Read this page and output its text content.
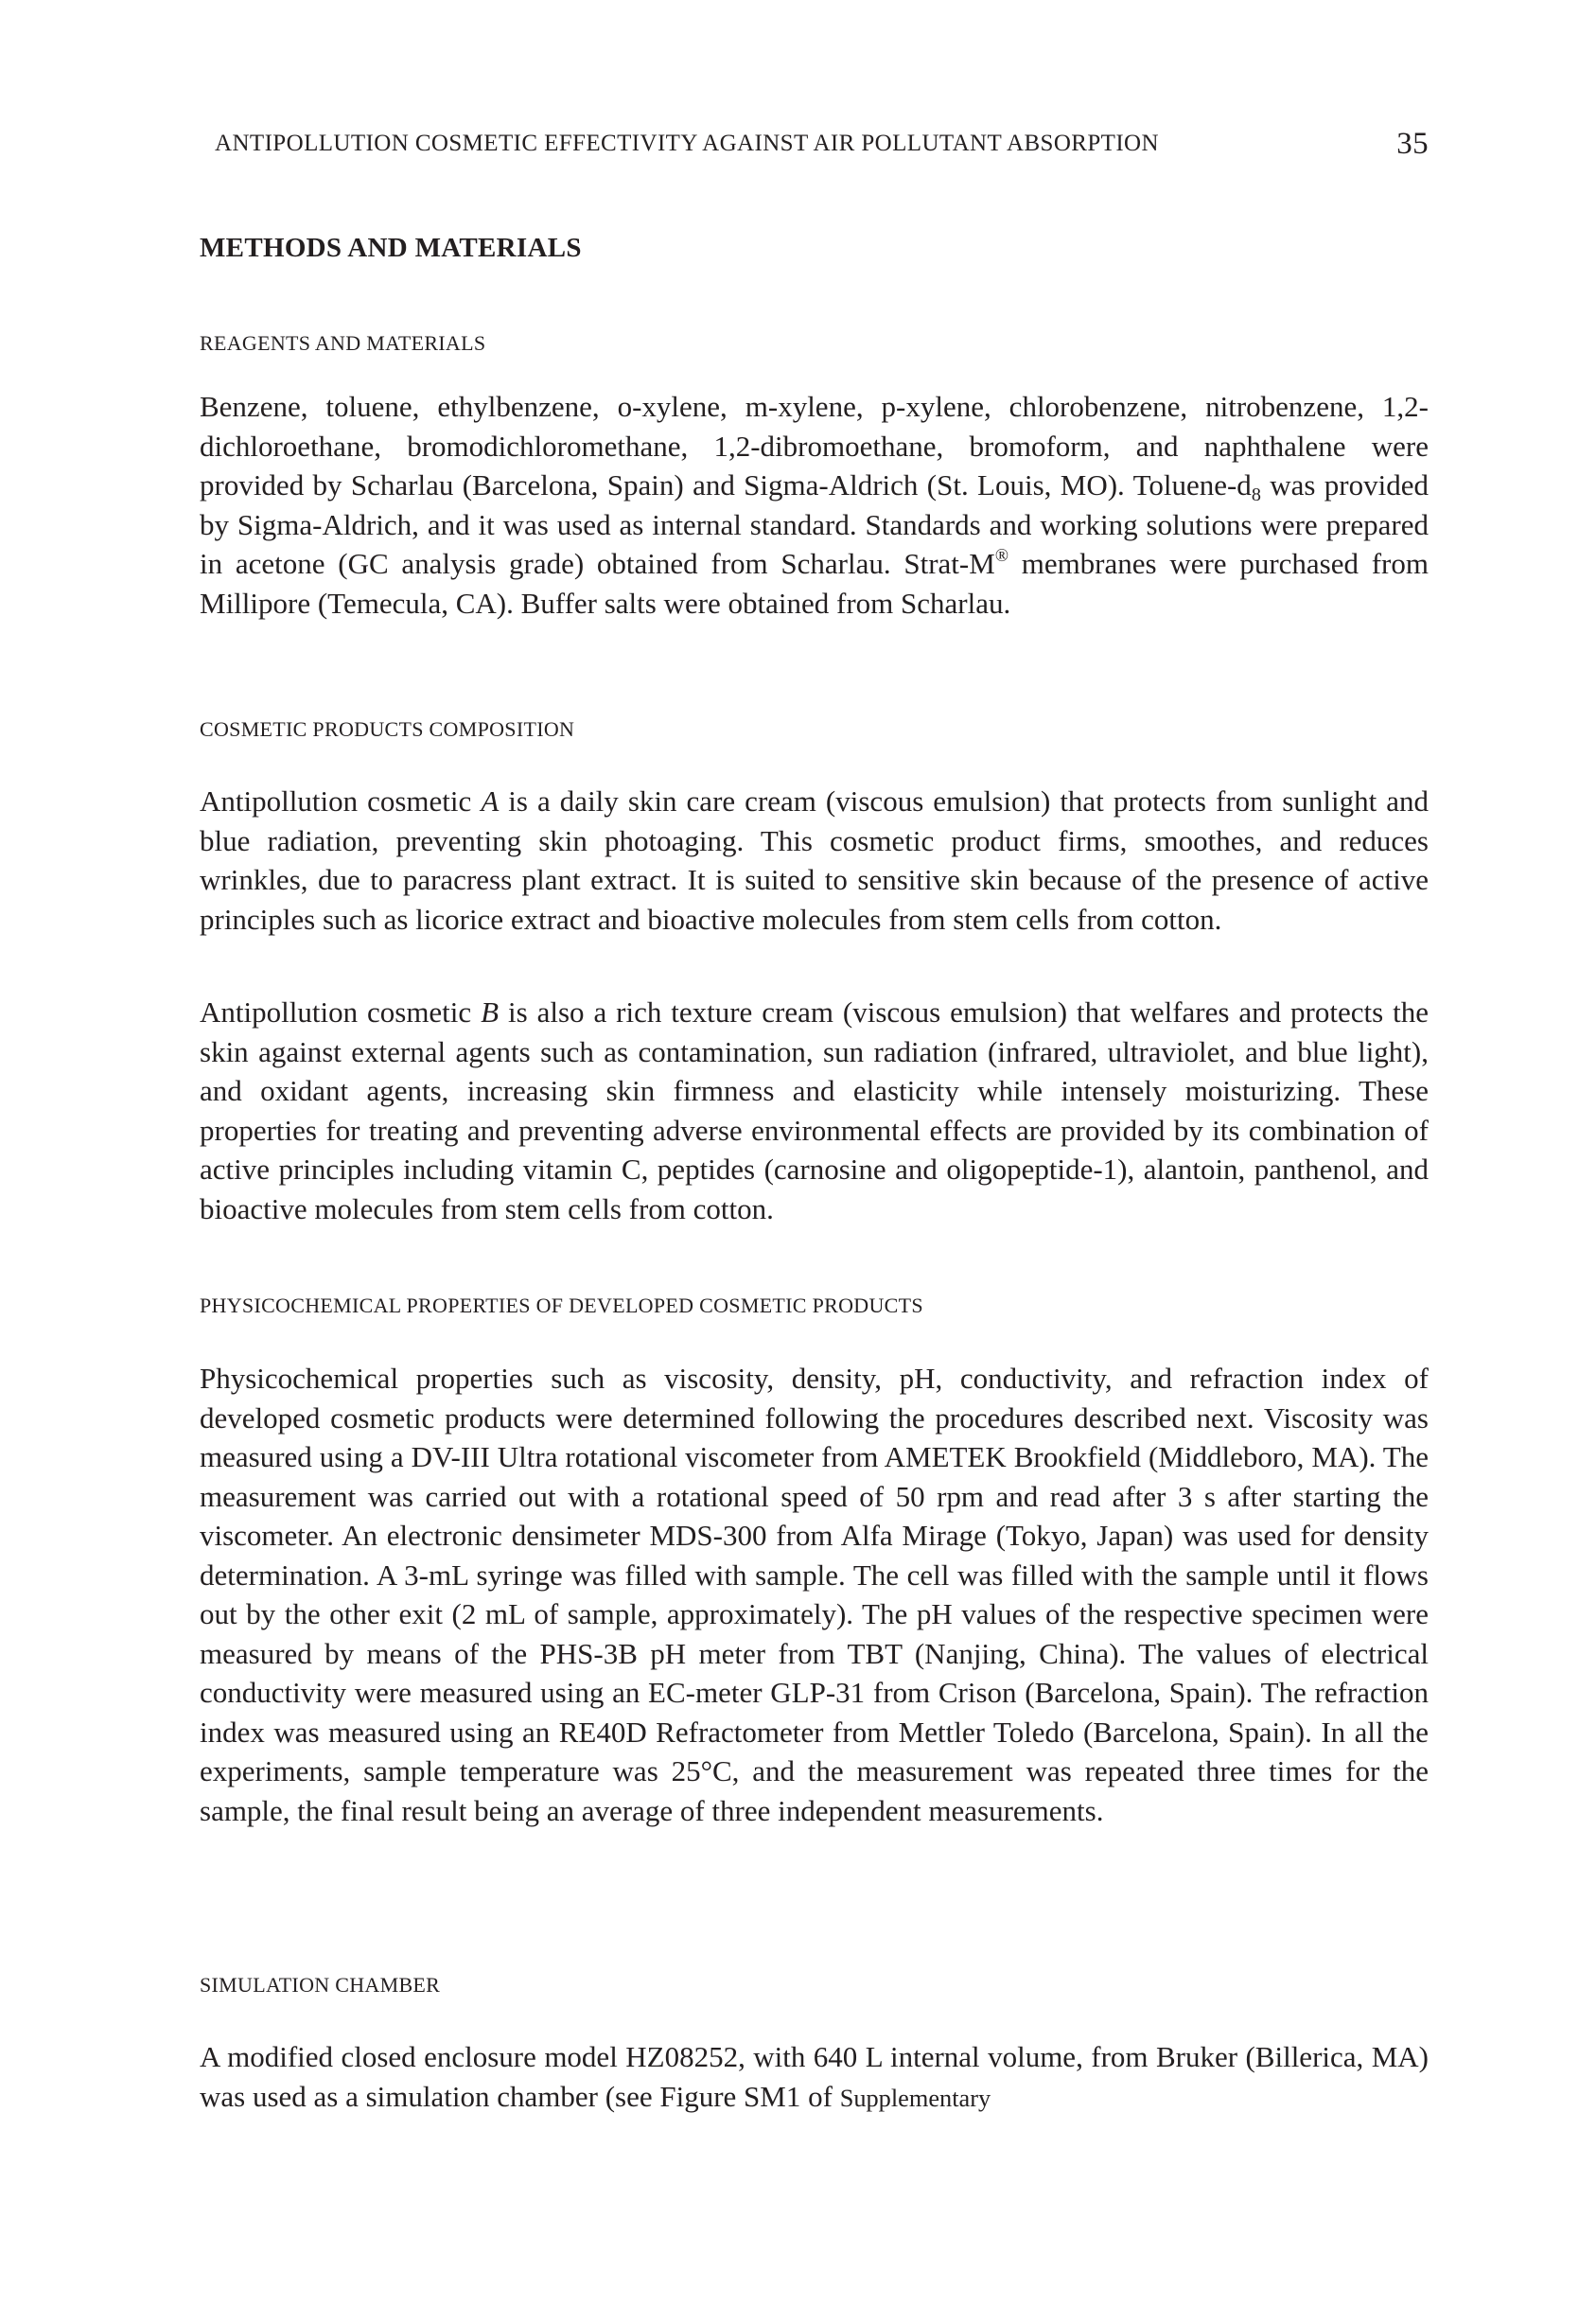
ANTIPOLLUTION COSMETIC EFFECTIVITY AGAINST AIR POLLUTANT ABSORPTION	35
METHODS AND MATERIALS
REAGENTS AND MATERIALS

Benzene, toluene, ethylbenzene, o-xylene, m-xylene, p-xylene, chlorobenzene, nitrobenzene, 1,2-dichloroethane, bromodichloromethane, 1,2-dibromoethane, bromoform, and naphthalene were provided by Scharlau (Barcelona, Spain) and Sigma-Aldrich (St. Louis, MO). Toluene-$d_8$ was provided by Sigma-Aldrich, and it was used as internal standard. Standards and working solutions were prepared in acetone (GC analysis grade) obtained from Scharlau. Strat-M® membranes were purchased from Millipore (Temecula, CA). Buffer salts were obtained from Scharlau.

COSMETIC PRODUCTS COMPOSITION

Antipollution cosmetic A is a daily skin care cream (viscous emulsion) that protects from sunlight and blue radiation, preventing skin photoaging. This cosmetic product firms, smoothes, and reduces wrinkles, due to paracress plant extract. It is suited to sensitive skin because of the presence of active principles such as licorice extract and bioactive molecules from stem cells from cotton.

Antipollution cosmetic B is also a rich texture cream (viscous emulsion) that welfares and protects the skin against external agents such as contamination, sun radiation (infrared, ultraviolet, and blue light), and oxidant agents, increasing skin firmness and elasticity while intensely moisturizing. These properties for treating and preventing adverse environmental effects are provided by its combination of active principles including vitamin C, peptides (carnosine and oligopeptide-1), alantoin, panthenol, and bioactive molecules from stem cells from cotton.

PHYSICOCHEMICAL PROPERTIES OF DEVELOPED COSMETIC PRODUCTS

Physicochemical properties such as viscosity, density, pH, conductivity, and refraction index of developed cosmetic products were determined following the procedures described next. Viscosity was measured using a DV-III Ultra rotational viscometer from AMETEK Brookfield (Middleboro, MA). The measurement was carried out with a rotational speed of 50 rpm and read after 3 s after starting the viscometer. An electronic densimeter MDS-300 from Alfa Mirage (Tokyo, Japan) was used for density determination. A 3-mL syringe was filled with sample. The cell was filled with the sample until it flows out by the other exit (2 mL of sample, approximately). The pH values of the respective specimen were measured by means of the PHS-3B pH meter from TBT (Nanjing, China). The values of electrical conductivity were measured using an EC-meter GLP-31 from Crison (Barcelona, Spain). The refraction index was measured using an RE40D Refractometer from Mettler Toledo (Barcelona, Spain). In all the experiments, sample temperature was 25°C, and the measurement was repeated three times for the sample, the final result being an average of three independent measurements.

SIMULATION CHAMBER

A modified closed enclosure model HZ08252, with 640 L internal volume, from Bruker (Billerica, MA) was used as a simulation chamber (see Figure SM1 of Supplementary
